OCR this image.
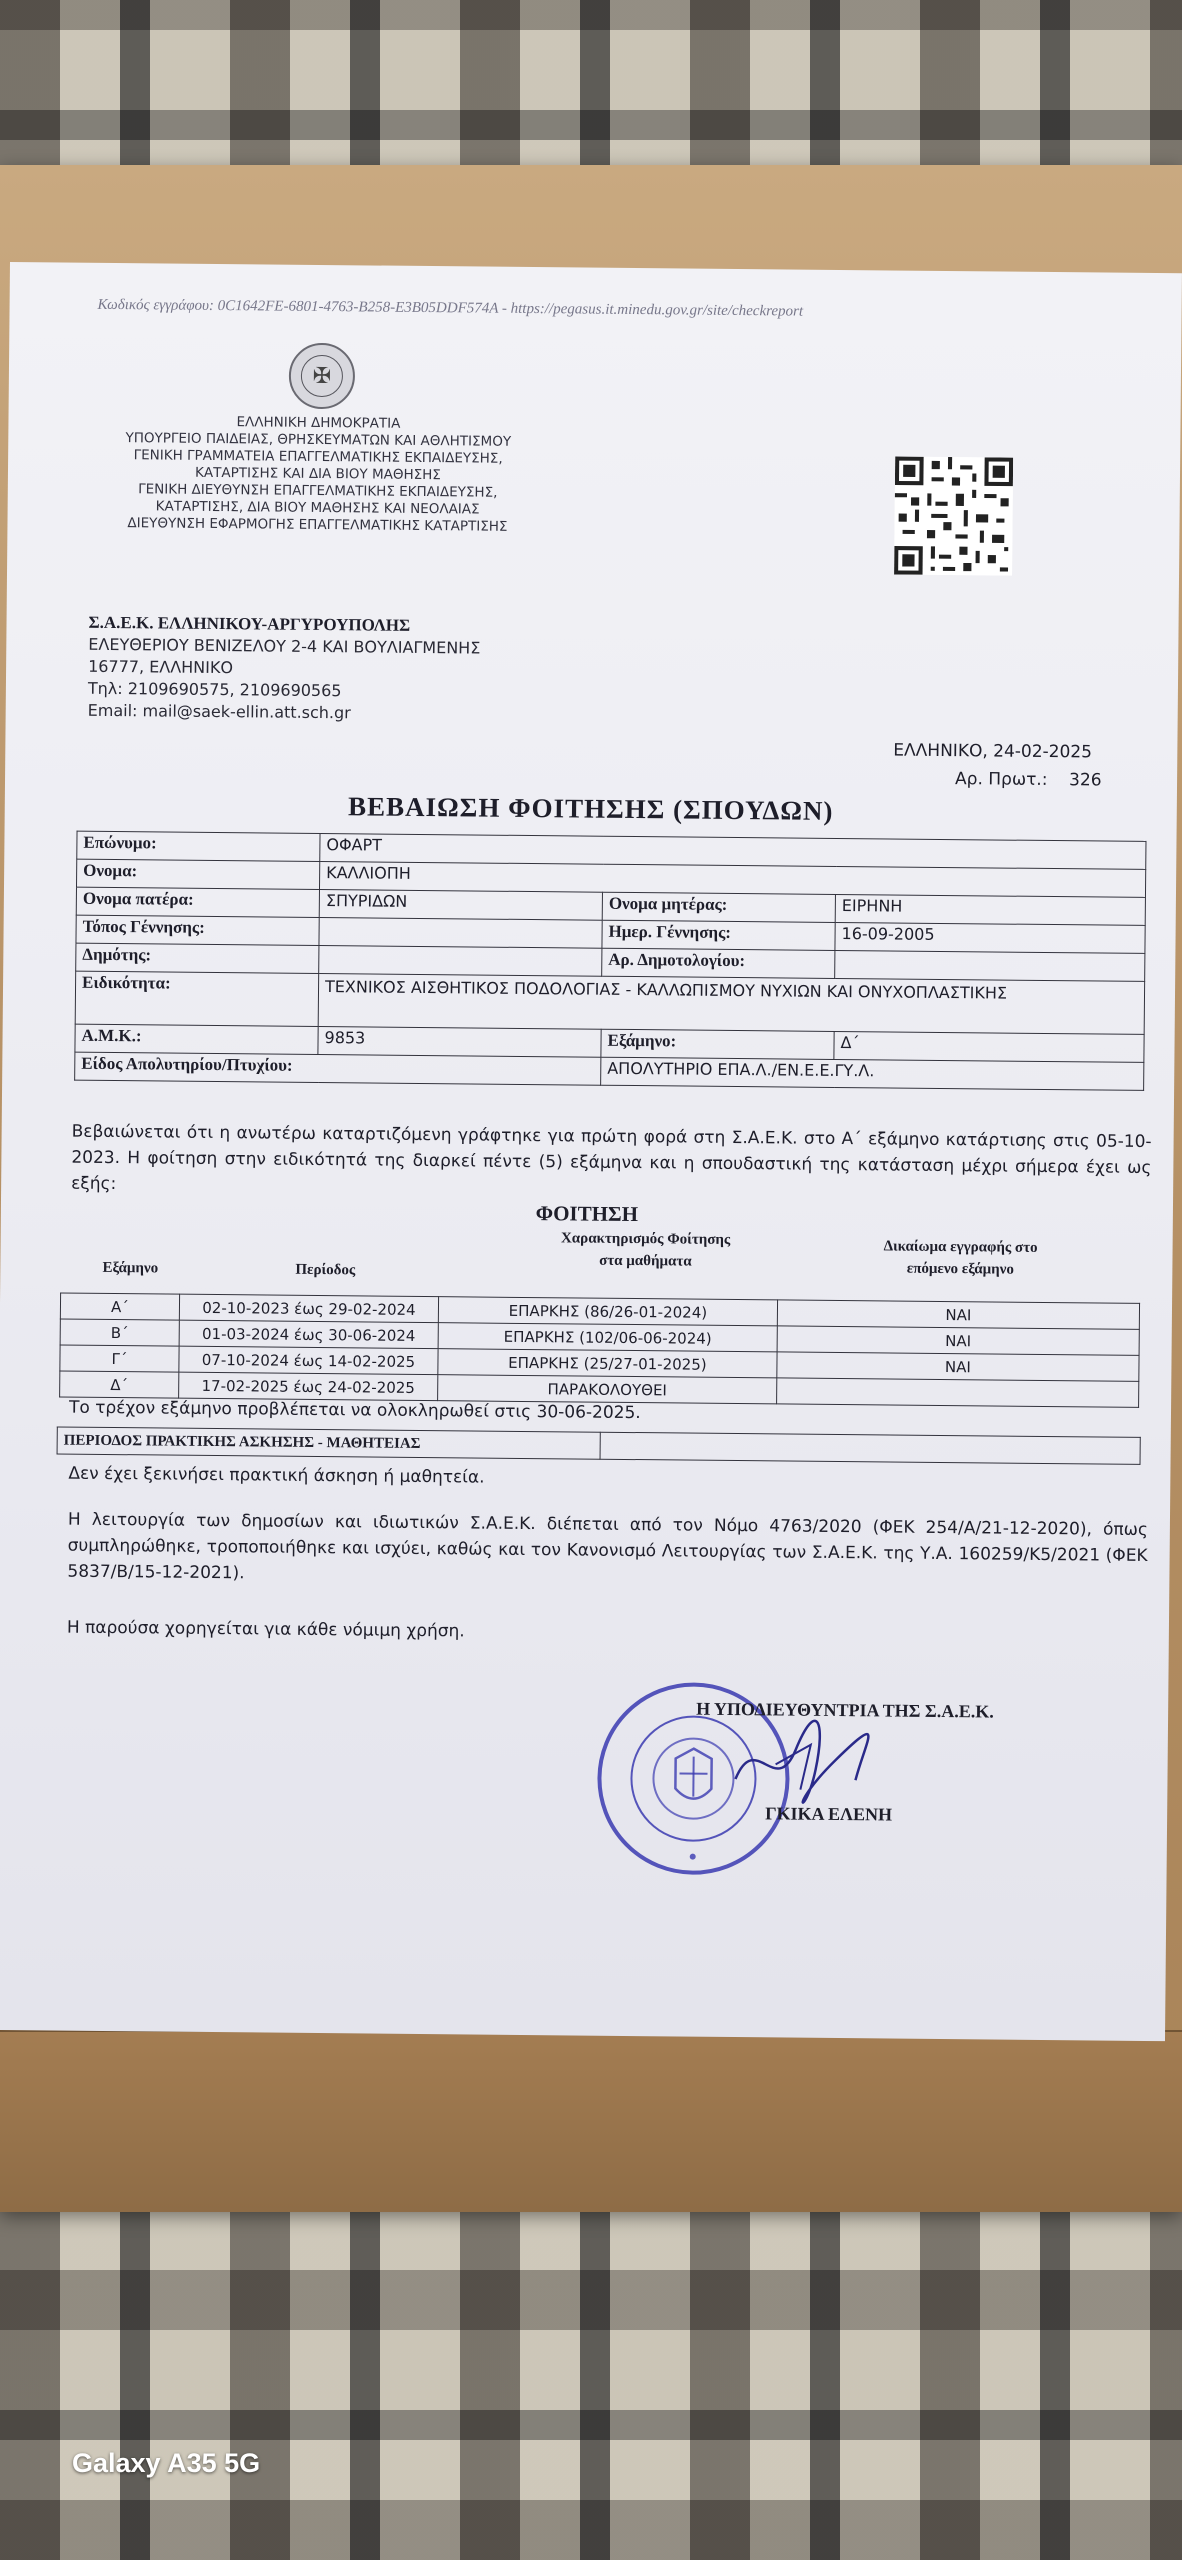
Κωδικός εγγράφου: 0C1642FE-6801-4763-B258-E3B05DDF574A - https://pegasus.it.minedu.gov.gr/site/checkreport
✠
ΕΛΛΗΝΙΚΗ ΔΗΜΟΚΡΑΤΙΑ
ΥΠΟΥΡΓΕΙΟ ΠΑΙΔΕΙΑΣ, ΘΡΗΣΚΕΥΜΑΤΩΝ ΚΑΙ ΑΘΛΗΤΙΣΜΟΥ
ΓΕΝΙΚΗ ΓΡΑΜΜΑΤΕΙΑ ΕΠΑΓΓΕΛΜΑΤΙΚΗΣ ΕΚΠΑΙΔΕΥΣΗΣ,
ΚΑΤΑΡΤΙΣΗΣ ΚΑΙ ΔΙΑ ΒΙΟΥ ΜΑΘΗΣΗΣ
ΓΕΝΙΚΗ ΔΙΕΥΘΥΝΣΗ ΕΠΑΓΓΕΛΜΑΤΙΚΗΣ ΕΚΠΑΙΔΕΥΣΗΣ,
ΚΑΤΑΡΤΙΣΗΣ, ΔΙΑ ΒΙΟΥ ΜΑΘΗΣΗΣ ΚΑΙ ΝΕΟΛΑΙΑΣ
ΔΙΕΥΘΥΝΣΗ ΕΦΑΡΜΟΓΗΣ ΕΠΑΓΓΕΛΜΑΤΙΚΗΣ ΚΑΤΑΡΤΙΣΗΣ
Σ.Α.Ε.Κ. ΕΛΛΗΝΙΚΟΥ-ΑΡΓΥΡΟΥΠΟΛΗΣ
ΕΛΕΥΘΕΡΙΟΥ ΒΕΝΙΖΕΛΟΥ 2-4 ΚΑΙ ΒΟΥΛΙΑΓΜΕΝΗΣ
16777, ΕΛΛΗΝΙΚΟ
Τηλ: 2109690575, 2109690565
Email: mail@saek-ellin.att.sch.gr
ΕΛΛΗΝΙΚΟ, 24-02-2025
Αρ. Πρωτ.: 326
ΒΕΒΑΙΩΣΗ ΦΟΙΤΗΣΗΣ (ΣΠΟΥΔΩΝ)
Επώνυμο:	ΟΦΑΡΤ		
Ονομα:	ΚΑΛΛΙΟΠΗ		
Ονομα πατέρα:	ΣΠΥΡΙΔΩΝ	Ονομα μητέρας:	ΕΙΡΗΝΗ
Τόπος Γέννησης:		Ημερ. Γέννησης:	16-09-2005
Δημότης:		Αρ. Δημοτολογίου:	
Ειδικότητα:	ΤΕΧΝΙΚΟΣ ΑΙΣΘΗΤΙΚΟΣ ΠΟΔΟΛΟΓΙΑΣ - ΚΑΛΛΩΠΙΣΜΟΥ ΝΥΧΙΩΝ ΚΑΙ ΟΝΥΧΟΠΛΑΣΤΙΚΗΣ		
Α.Μ.Κ.:	9853	Εξάμηνο:	Δ΄
Είδος Απολυτηρίου/Πτυχίου:		ΑΠΟΛΥΤΗΡΙΟ ΕΠΑ.Λ./ΕΝ.Ε.Ε.ΓΥ.Λ.	
Βεβαιώνεται ότι η ανωτέρω καταρτιζόμενη γράφτηκε για πρώτη φορά στη Σ.Α.Ε.Κ. στο Α΄ εξάμηνο κατάρτισης στις 05-10-2023. Η φοίτηση στην ειδικότητά της διαρκεί πέντε (5) εξάμηνα και η σπουδαστική της κατάσταση μέχρι σήμερα έχει ως εξής:
ΦΟΙΤΗΣΗ
Εξάμηνο	Περίοδος
Χαρακτηρισμός Φοίτησης
στα μαθήματα
Δικαίωμα εγγραφής στο
επόμενο εξάμηνο
Α΄	02-10-2023 έως 29-02-2024	ΕΠΑΡΚΗΣ (86/26-01-2024)	ΝΑΙ
Β΄	01-03-2024 έως 30-06-2024	ΕΠΑΡΚΗΣ (102/06-06-2024)	ΝΑΙ
Γ΄	07-10-2024 έως 14-02-2025	ΕΠΑΡΚΗΣ (25/27-01-2025)	ΝΑΙ
Δ΄	17-02-2025 έως 24-02-2025	ΠΑΡΑΚΟΛΟΥΘΕΙ	
Το τρέχον εξάμηνο προβλέπεται να ολοκληρωθεί στις 30-06-2025.
ΠΕΡΙΟΔΟΣ ΠΡΑΚΤΙΚΗΣ ΑΣΚΗΣΗΣ - ΜΑΘΗΤΕΙΑΣ	
Δεν έχει ξεκινήσει πρακτική άσκηση ή μαθητεία.
Η λειτουργία των δημοσίων και ιδιωτικών Σ.Α.Ε.Κ. διέπεται από τον Νόμο 4763/2020 (ΦΕΚ 254/Α/21-12-2020), όπως συμπληρώθηκε, τροποποιήθηκε και ισχύει, καθώς και τον Κανονισμό Λειτουργίας των Σ.Α.Ε.Κ. της Υ.Α. 160259/Κ5/2021 (ΦΕΚ 5837/Β/15-12-2021).
Η παρούσα χορηγείται για κάθε νόμιμη χρήση.
Η ΥΠΟΔΙΕΥΘΥΝΤΡΙΑ ΤΗΣ Σ.Α.Ε.Κ.
ΓΚΙΚΑ ΕΛΕΝΗ
Galaxy A35 5G
